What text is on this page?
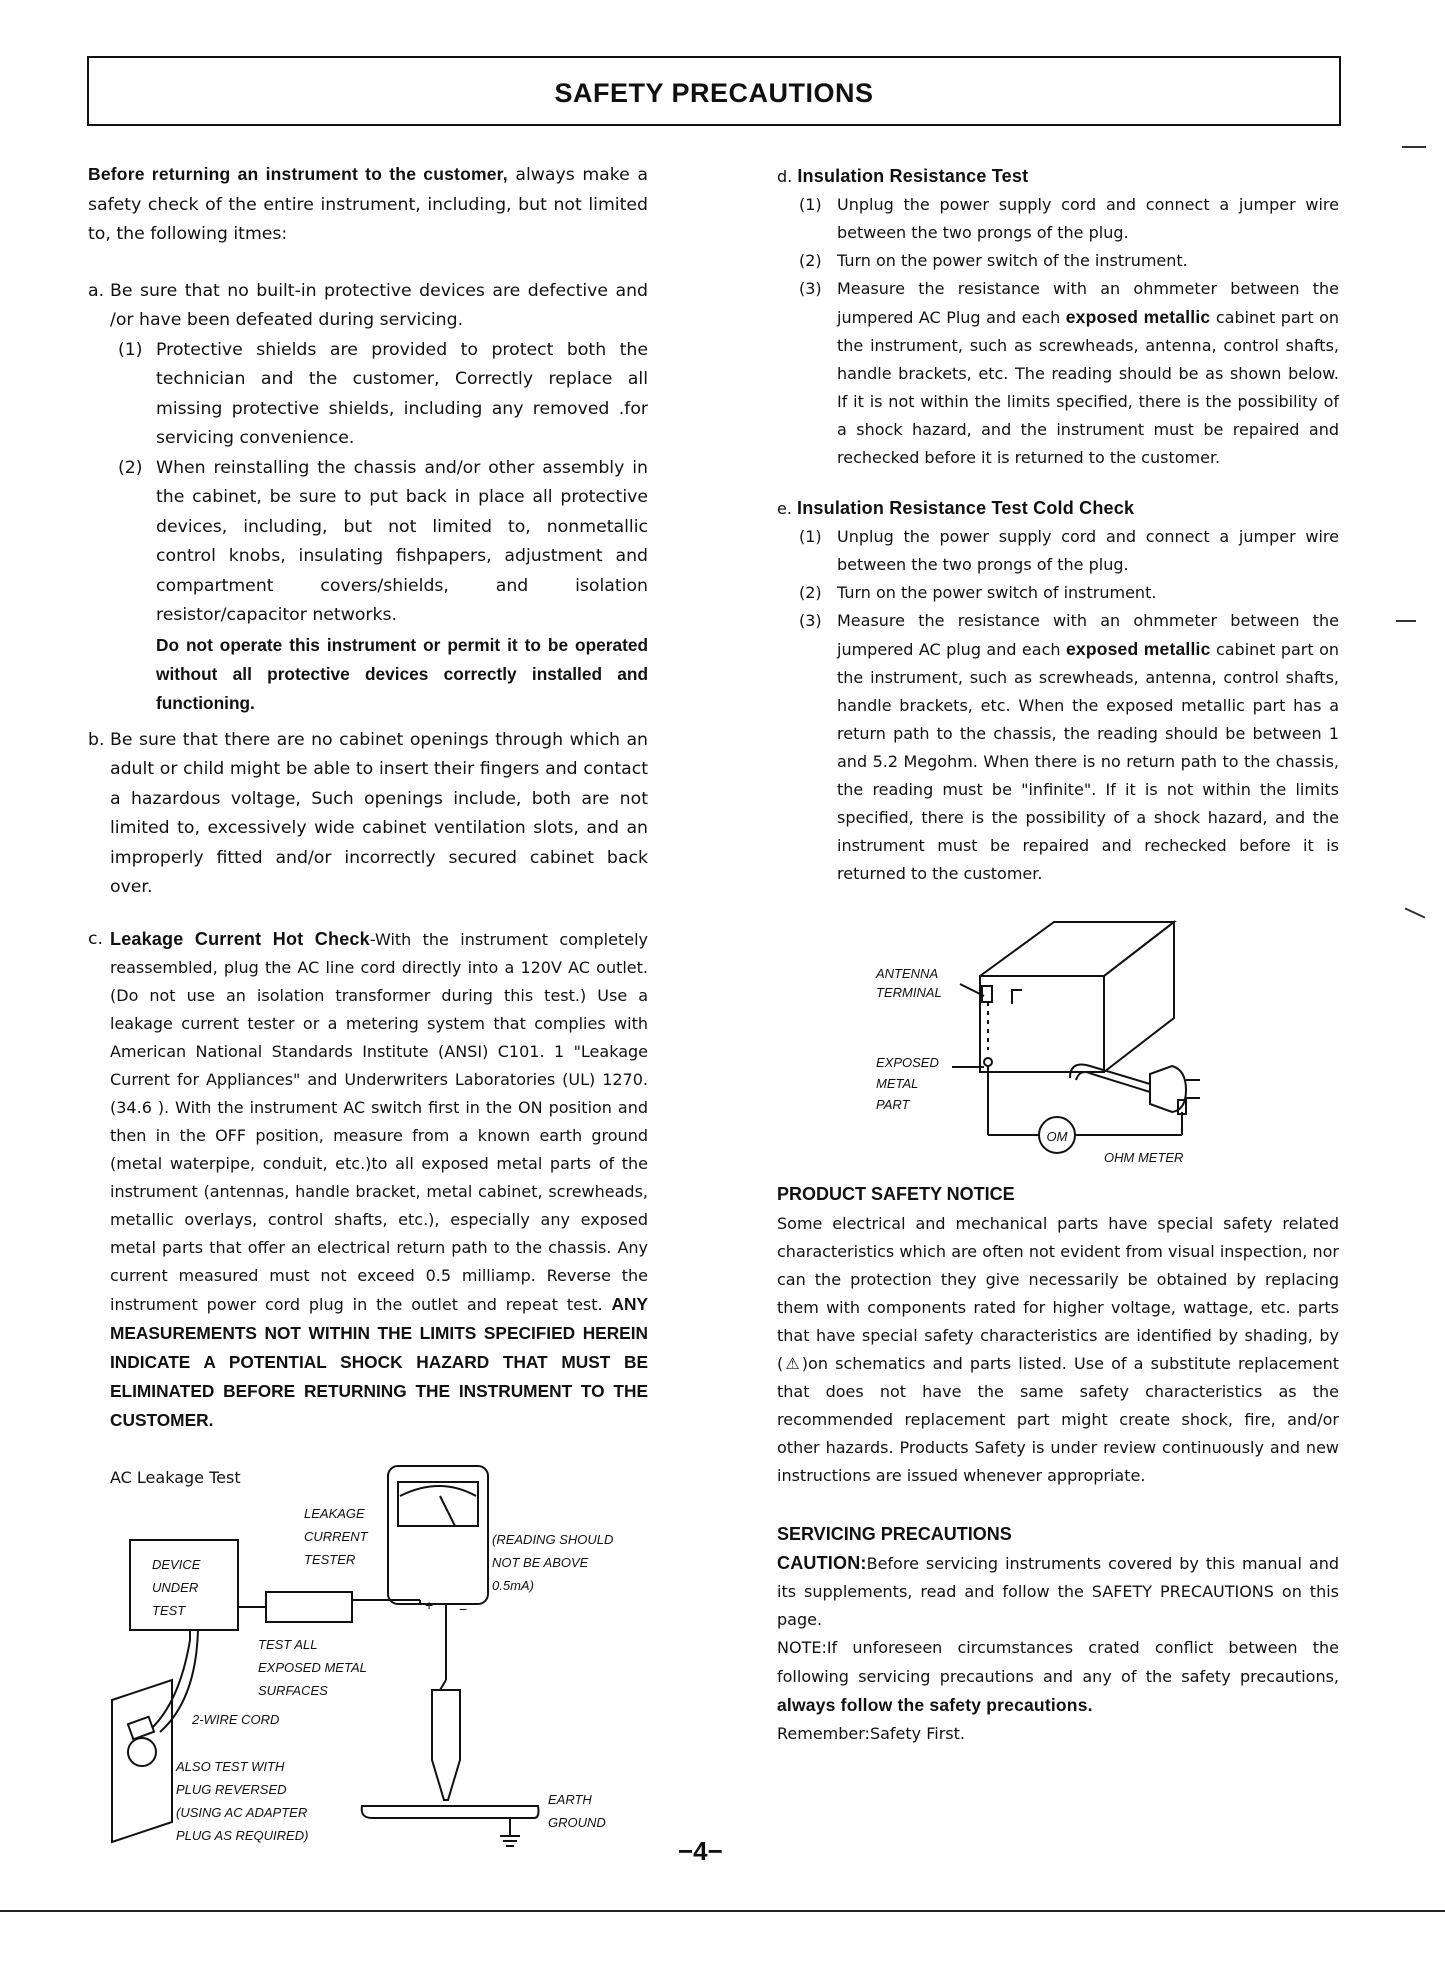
SAFETY PRECAUTIONS

Before returning an instrument to the customer, always make a safety check of the entire instrument, including, but not limited to, the following itmes:

a. Be sure that no built-in protective devices are defective and /or have been defeated during servicing.

(1) Protective shields are provided to protect both the technician and the customer, Correctly replace all missing protective shields, including any removed .for servicing convenience.
(2) When reinstalling the chassis and/or other assembly in the cabinet, be sure to put back in place all protective devices, including, but not limited to, nonmetallic control knobs, insulating fishpapers, adjustment and compartment covers/shields, and isolation resistor/capacitor networks.

Do not operate this instrument or permit it to be operated without all protective devices correctly installed and functioning.

b. Be sure that there are no cabinet openings through which an adult or child might be able to insert their fingers and contact a hazardous voltage, Such openings include, both are not limited to, excessively wide cabinet ventilation slots, and an improperly fitted and/or incorrectly secured cabinet back over.

c. Leakage Current Hot Check-With the instrument completely reassembled, plug the AC line cord directly into a 120V AC outlet. (Do not use an isolation transformer during this test.) Use a leakage current tester or a metering system that complies with American National Standards Institute (ANSI) C101. 1 "Leakage Current for Appliances" and Underwriters Laboratories (UL) 1270. (34.6 ). With the instrument AC switch first in the ON position and then in the OFF position, measure from a known earth ground (metal waterpipe, conduit, etc.)to all exposed metal parts of the instrument (antennas, handle bracket, metal cabinet, screwheads, metallic overlays, control shafts, etc.), especially any exposed metal parts that offer an electrical return path to the chassis. Any current measured must not exceed 0.5 milliamp. Reverse the instrument power cord plug in the outlet and repeat test. ANY MEASUREMENTS NOT WITHIN THE LIMITS SPECIFIED HEREIN INDICATE A POTENTIAL SHOCK HAZARD THAT MUST BE ELIMINATED BEFORE RETURNING THE INSTRUMENT TO THE CUSTOMER.

AC Leakage Test
+ −
DEVICE
UNDER
TEST
LEAKAGE
CURRENT
TESTER
(READING SHOULD
NOT BE ABOVE
0.5mA)
TEST ALL
EXPOSED METAL
SURFACES
2-WIRE CORD
ALSO TEST WITH
PLUG REVERSED
(USING AC ADAPTER
PLUG AS REQUIRED)
EARTH
GROUND

d. Insulation Resistance Test

(1) Unplug the power supply cord and connect a jumper wire between the two prongs of the plug.
(2) Turn on the power switch of the instrument.
(3) Measure the resistance with an ohmmeter between the jumpered AC Plug and each exposed metallic cabinet part on the instrument, such as screwheads, antenna, control shafts, handle brackets, etc. The reading should be as shown below. If it is not within the limits specified, there is the possibility of a shock hazard, and the instrument must be repaired and rechecked before it is returned to the customer.

e. Insulation Resistance Test Cold Check

(1) Unplug the power supply cord and connect a jumper wire between the two prongs of the plug.
(2) Turn on the power switch of instrument.
(3) Measure the resistance with an ohmmeter between the jumpered AC plug and each exposed metallic cabinet part on the instrument, such as screwheads, antenna, control shafts, handle brackets, etc. When the exposed metallic part has a return path to the chassis, the reading should be between 1 and 5.2 Megohm. When there is no return path to the chassis, the reading must be "infinite". If it is not within the limits specified, there is the possibility of a shock hazard, and the instrument must be repaired and rechecked before it is returned to the customer.
OM
ANTENNA
TERMINAL
EXPOSED
METAL
PART
OHM METER

PRODUCT SAFETY NOTICE

Some electrical and mechanical parts have special safety related characteristics which are often not evident from visual inspection, nor can the protection they give necessarily be obtained by replacing them with components rated for higher voltage, wattage, etc. parts that have special safety characteristics are identified by shading, by (⚠)on schematics and parts listed. Use of a substitute replacement that does not have the same safety characteristics as the recommended replacement part might create shock, fire, and/or other hazards. Products Safety is under review continuously and new instructions are issued whenever appropriate.

SERVICING PRECAUTIONS

CAUTION:Before servicing instruments covered by this manual and its supplements, read and follow the SAFETY PRECAUTIONS on this page.

NOTE:If unforeseen circumstances crated conflict between the following servicing precautions and any of the safety precautions, always follow the safety precautions.

Remember:Safety First.

−4−
